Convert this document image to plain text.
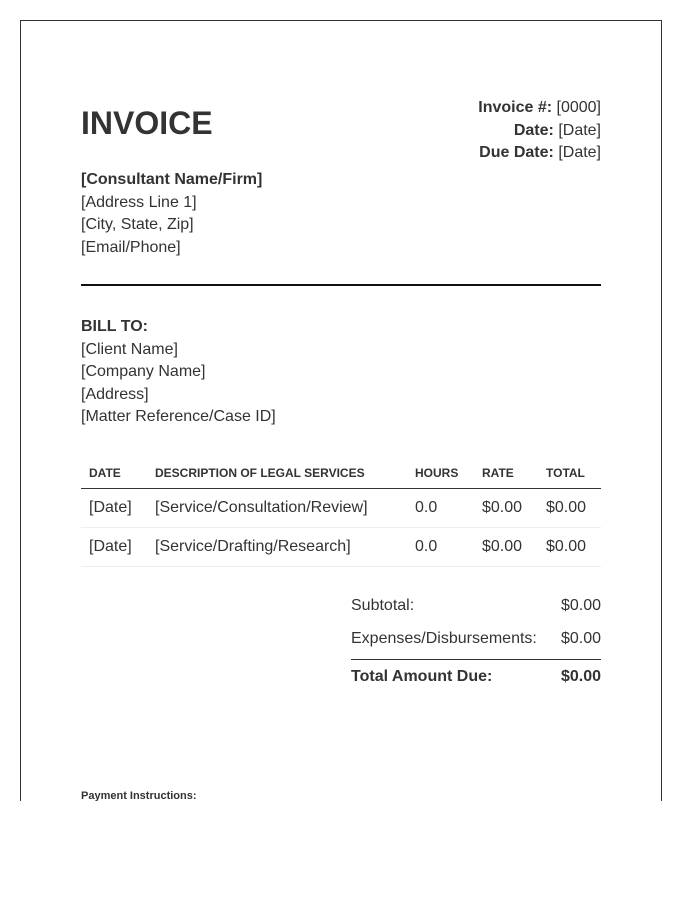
INVOICE	Invoice #: [0000]
Date: [Date]
Due Date: [Date]
[Consultant Name/Firm]
[Address Line 1]
[City, State, Zip]
[Email/Phone]
BILL TO:
[Client Name]
[Company Name]
[Address]
[Matter Reference/Case ID]
DATE	DESCRIPTION OF LEGAL SERVICES	HOURS	RATE	TOTAL
[Date]	[Service/Consultation/Review]	0.0	$0.00	$0.00
[Date]	[Service/Drafting/Research]	0.0	$0.00	$0.00
Subtotal:	$0.00
Expenses/Disbursements: $0.00
Total Amount Due:	$0.00
Payment Instructions:
